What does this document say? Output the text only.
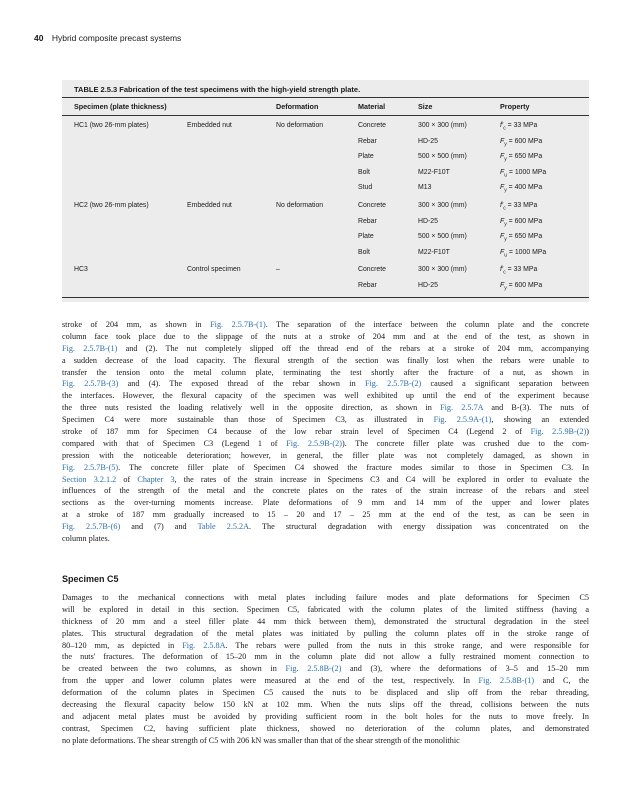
40 Hybrid composite precast systems
TABLE 2.5.3 Fabrication of the test specimens with the high-yield strength plate.
Specimen (plate thickness)	Deformation	Material	Size	Property
HC1 (two 26-mm plates)	Embedded nut	No deformation	Concrete	300 × 300 (mm)	$f'_c = 33$ MPa
Rebar	HD-25	$F_y = 600$ MPa
Plate	500 × 500 (mm)	$F_y = 650$ MPa
Bolt	M22-F10T	$F_u = 1000$ MPa
Stud	M13	$F_y = 400$ MPa
HC2 (two 26-mm plates)	Embedded nut	No deformation	Concrete	300 × 300 (mm)	$f'_c = 33$ MPa
Rebar	HD-25	$F_y = 600$ MPa
Plate	500 × 500 (mm)	$F_y = 650$ MPa
Bolt	M22-F10T	$F_u = 1000$ MPa
HC3	Control specimen	–	Concrete	300 × 300 (mm)	$f'_c = 33$ MPa
Rebar	HD-25	$F_y = 600$ MPa
stroke of 204 mm, as shown in Fig. 2.5.7B-(1). The separation of the interface between the column plate and the concrete
column face took place due to the slippage of the nuts at a stroke of 204 mm and at the end of the test, as shown in
Fig. 2.5.7B-(1) and (2). The nut completely slipped off the thread end of the rebars at a stroke of 204 mm, accompanying
a sudden decrease of the load capacity. The flexural strength of the section was finally lost when the rebars were unable to
transfer the tension onto the metal column plate, terminating the test shortly after the fracture of a nut, as shown in
Fig. 2.5.7B-(3) and (4). The exposed thread of the rebar shown in Fig. 2.5.7B-(2) caused a significant separation between
the interfaces. However, the flexural capacity of the specimen was well exhibited up until the end of the experiment because
the three nuts resisted the loading relatively well in the opposite direction, as shown in Fig. 2.5.7A and B-(3). The nuts of
Specimen C4 were more sustainable than those of Specimen C3, as illustrated in Fig. 2.5.9A-(1), showing an extended
stroke of 187 mm for Specimen C4 because of the low rebar strain level of Specimen C4 (Legend 2 of Fig. 2.5.9B-(2))
compared with that of Specimen C3 (Legend 1 of Fig. 2.5.9B-(2)). The concrete filler plate was crushed due to the com-
pression with the noticeable deterioration; however, in general, the filler plate was not completely damaged, as shown in
Fig. 2.5.7B-(5). The concrete filler plate of Specimen C4 showed the fracture modes similar to those in Specimen C3. In
Section 3.2.1.2 of Chapter 3, the rates of the strain increase in Specimens C3 and C4 will be explored in order to evaluate the
influences of the strength of the metal and the concrete plates on the rates of the strain increase of the rebars and steel
sections as the over-turning moments increase. Plate deformations of 9 mm and 14 mm of the upper and lower plates
at a stroke of 187 mm gradually increased to 15 – 20 and 17 – 25 mm at the end of the test, as can be seen in
Fig. 2.5.7B-(6) and (7) and Table 2.5.2A. The structural degradation with energy dissipation was concentrated on the
column plates.
Specimen C5
Damages to the mechanical connections with metal plates including failure modes and plate deformations for Specimen C5
will be explored in detail in this section. Specimen C5, fabricated with the column plates of the limited stiffness (having a
thickness of 20 mm and a steel filler plate 44 mm thick between them), demonstrated the structural degradation in the steel
plates. This structural degradation of the metal plates was initiated by pulling the column plates off in the stroke range of
80–120 mm, as depicted in Fig. 2.5.8A. The rebars were pulled from the nuts in this stroke range, and were responsible for
the nuts' fractures. The deformation of 15–20 mm in the column plate did not allow a fully restrained moment connection to
be created between the two columns, as shown in Fig. 2.5.8B-(2) and (3), where the deformations of 3–5 and 15–20 mm
from the upper and lower column plates were measured at the end of the test, respectively. In Fig. 2.5.8B-(1) and C, the
deformation of the column plates in Specimen C5 caused the nuts to be displaced and slip off from the rebar threading,
decreasing the flexural capacity below 150 kN at 102 mm. When the nuts slips off the thread, collisions between the nuts
and adjacent metal plates must be avoided by providing sufficient room in the bolt holes for the nuts to move freely. In
contrast, Specimen C2, having sufficient plate thickness, showed no deterioration of the column plates, and demonstrated
no plate deformations. The shear strength of C5 with 206 kN was smaller than that of the shear strength of the monolithic
